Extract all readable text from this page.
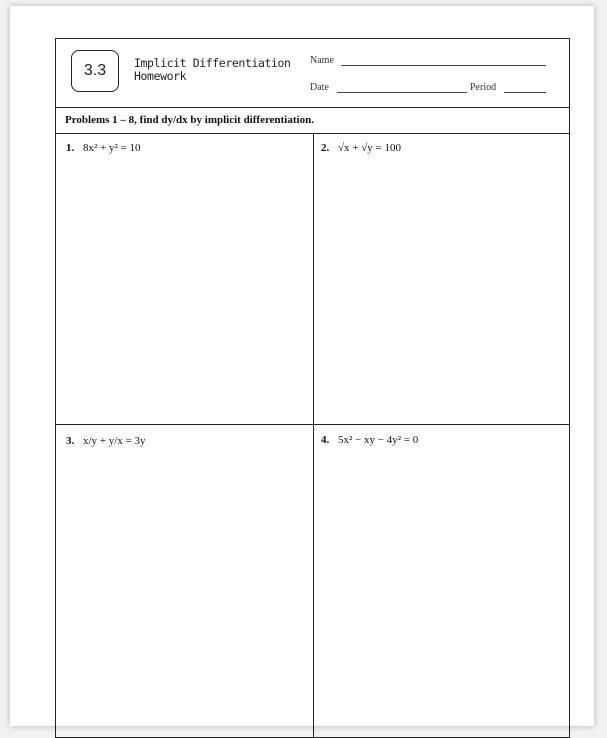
3.3 Implicit Differentiation
Homework
Name
Date	Period
Problems 1 – 8, find dy/dx by implicit differentiation.
1. 8x² + y² = 10	2. √x + √y = 100
3. x/y + y/x = 3y	4. 5x² − xy − 4y² = 0
